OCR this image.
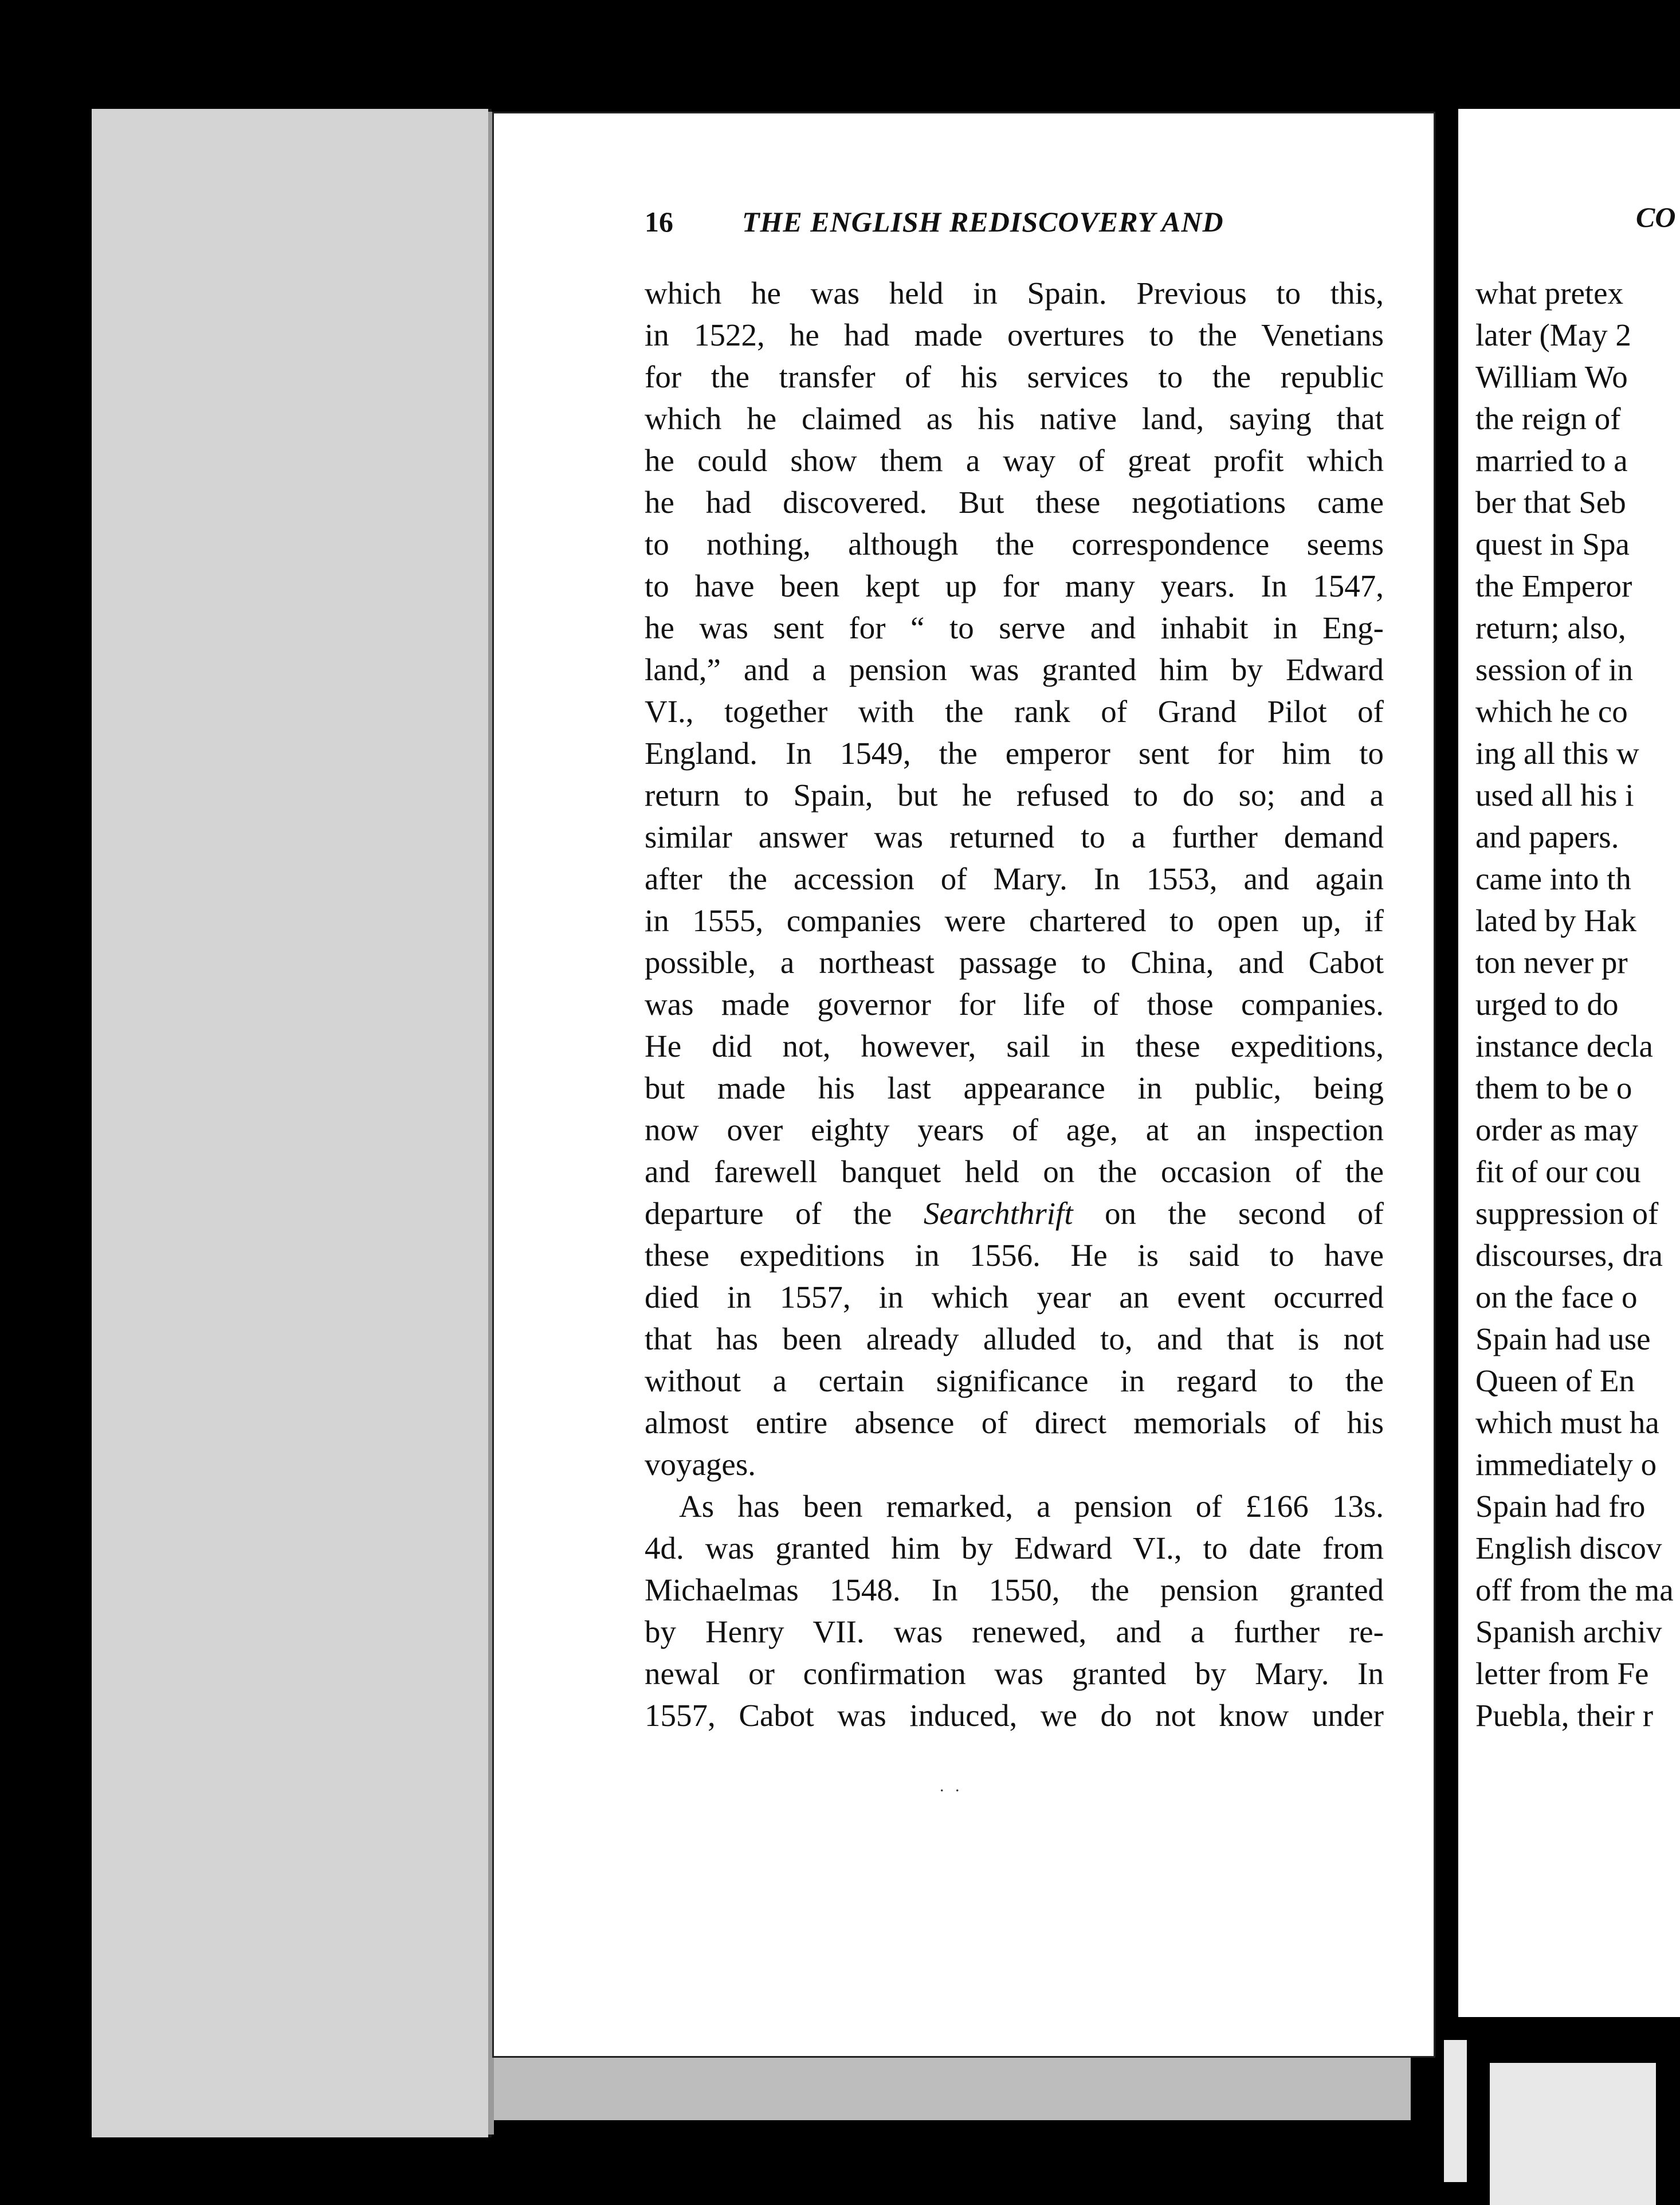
16 THE ENGLISH REDISCOVERY AND
which he was held in Spain. Previous to this,
in 1522, he had made overtures to the Venetians
for the transfer of his services to the republic
which he claimed as his native land, saying that
he could show them a way of great profit which
he had discovered. But these negotiations came
to nothing, although the correspondence seems
to have been kept up for many years. In 1547,
he was sent for “ to serve and inhabit in Eng-
land,” and a pension was granted him by Edward
VI., together with the rank of Grand Pilot of
England. In 1549, the emperor sent for him to
return to Spain, but he refused to do so; and a
similar answer was returned to a further demand
after the accession of Mary. In 1553, and again
in 1555, companies were chartered to open up, if
possible, a northeast passage to China, and Cabot
was made governor for life of those companies.
He did not, however, sail in these expeditions,
but made his last appearance in public, being
now over eighty years of age, at an inspection
and farewell banquet held on the occasion of the
departure of the Searchthrift on the second of
these expeditions in 1556. He is said to have
died in 1557, in which year an event occurred
that has been already alluded to, and that is not
without a certain significance in regard to the
almost entire absence of direct memorials of his
voyages.
As has been remarked, a pension of £166 13s.
4d. was granted him by Edward VI., to date from
Michaelmas 1548. In 1550, the pension granted
by Henry VII. was renewed, and a further re-
newal or confirmation was granted by Mary. In
1557, Cabot was induced, we do not know under
. .
CO
what pretex
later (May 2
William Wo
the reign of
married to a
ber that Seb
quest in Spa
the Emperor
return; also,
session of in
which he co
ing all this w
used all his i
and papers.
came into th
lated by Hak
ton never pr
urged to do
instance decla
them to be o
order as may
fit of our cou
suppression of
discourses, dra
on the face o
Spain had use
Queen of En
which must ha
immediately o
Spain had fro
English discov
off from the ma
Spanish archiv
letter from Fe
Puebla, their r
